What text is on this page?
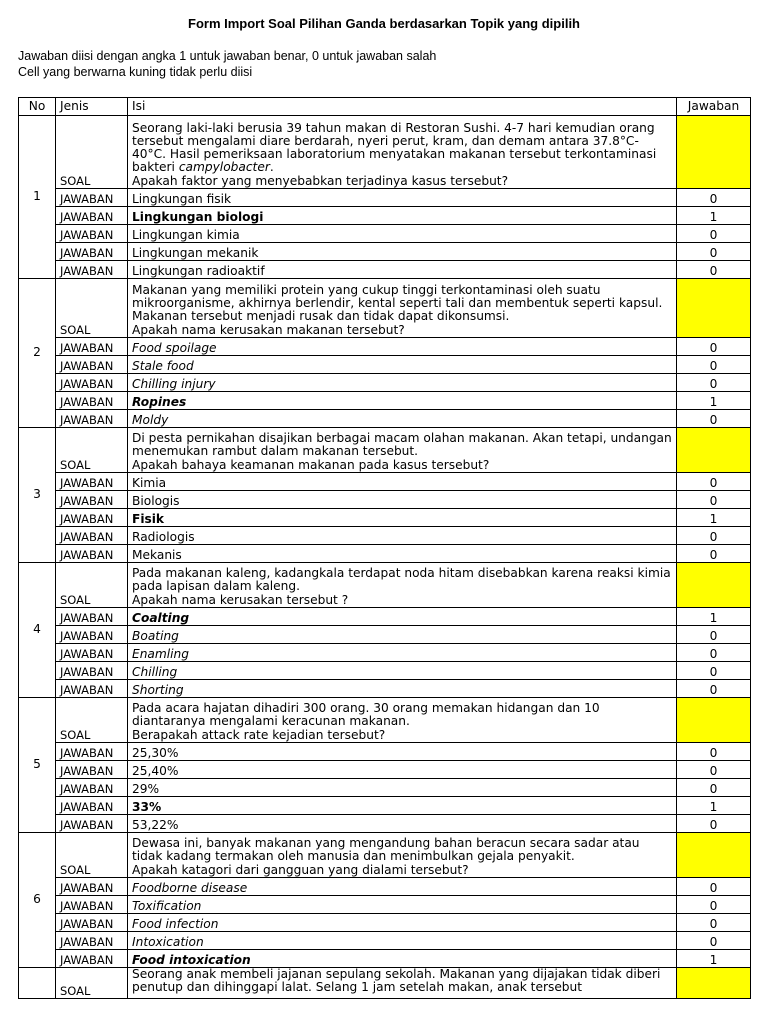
Form Import Soal Pilihan Ganda berdasarkan Topik yang dipilih
Jawaban diisi dengan angka 1 untuk jawaban benar, 0 untuk jawaban salah
Cell yang berwarna kuning tidak perlu diisi
No	Jenis	Isi	Jawaban
1	SOAL	Seorang laki-laki berusia 39 tahun makan di Restoran Sushi. 4-7 hari kemudian orang tersebut mengalami diare berdarah, nyeri perut, kram, dan demam antara 37.8°C-40°C. Hasil pemeriksaan laboratorium menyatakan makanan tersebut terkontaminasi bakteri campylobacter.
Apakah faktor yang menyebabkan terjadinya kasus tersebut?	
	JAWABAN	Lingkungan fisik	0
	JAWABAN	Lingkungan biologi	1
	JAWABAN	Lingkungan kimia	0
	JAWABAN	Lingkungan mekanik	0
	JAWABAN	Lingkungan radioaktif	0
2	SOAL	Makanan yang memiliki protein yang cukup tinggi terkontaminasi oleh suatu mikroorganisme, akhirnya berlendir, kental seperti tali dan membentuk seperti kapsul. Makanan tersebut menjadi rusak dan tidak dapat dikonsumsi.
Apakah nama kerusakan makanan tersebut?	
	JAWABAN	Food spoilage	0
	JAWABAN	Stale food	0
	JAWABAN	Chilling injury	0
	JAWABAN	Ropines	1
	JAWABAN	Moldy	0
3	SOAL	Di pesta pernikahan disajikan berbagai macam olahan makanan. Akan tetapi, undangan menemukan rambut dalam makanan tersebut.
Apakah bahaya keamanan makanan pada kasus tersebut?	
	JAWABAN	Kimia	0
	JAWABAN	Biologis	0
	JAWABAN	Fisik	1
	JAWABAN	Radiologis	0
	JAWABAN	Mekanis	0
4	SOAL	Pada makanan kaleng, kadangkala terdapat noda hitam disebabkan karena reaksi kimia pada lapisan dalam kaleng.
Apakah nama kerusakan tersebut ?	
	JAWABAN	Coalting	1
	JAWABAN	Boating	0
	JAWABAN	Enamling	0
	JAWABAN	Chilling	0
	JAWABAN	Shorting	0
5	SOAL	Pada acara hajatan dihadiri 300 orang. 30 orang memakan hidangan dan 10 diantaranya mengalami keracunan makanan.
Berapakah attack rate kejadian tersebut?	
	JAWABAN	25,30%	0
	JAWABAN	25,40%	0
	JAWABAN	29%	0
	JAWABAN	33%	1
	JAWABAN	53,22%	0
6	SOAL	Dewasa ini, banyak makanan yang mengandung bahan beracun secara sadar atau tidak kadang termakan oleh manusia dan menimbulkan gejala penyakit.
Apakah katagori dari gangguan yang dialami tersebut?	
	JAWABAN	Foodborne disease	0
	JAWABAN	Toxification	0
	JAWABAN	Food infection	0
	JAWABAN	Intoxication	0
	JAWABAN	Food intoxication	1
	SOAL	Seorang anak membeli jajanan sepulang sekolah. Makanan yang dijajakan tidak diberi penutup dan dihinggapi lalat. Selang 1 jam setelah makan, anak tersebut	
